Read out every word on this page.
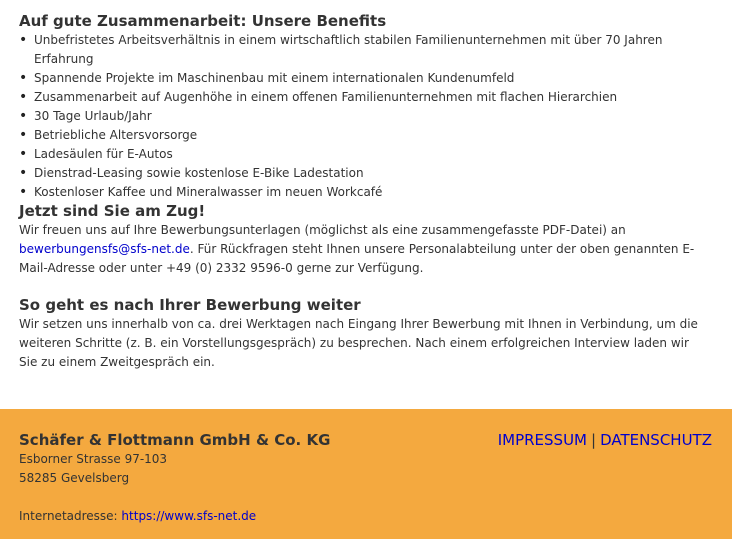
Auf gute Zusammenarbeit: Unsere Benefits
• Unbefristetes Arbeitsverhältnis in einem wirtschaftlich stabilen Familienunternehmen mit über 70 Jahren Erfahrung
• Spannende Projekte im Maschinenbau mit einem internationalen Kundenumfeld
• Zusammenarbeit auf Augenhöhe in einem offenen Familienunternehmen mit flachen Hierarchien
• 30 Tage Urlaub/Jahr
• Betriebliche Altersvorsorge
• Ladesäulen für E-Autos
• Dienstrad-Leasing sowie kostenlose E-Bike Ladestation
• Kostenloser Kaffee und Mineralwasser im neuen Workcafé
Jetzt sind Sie am Zug!

Wir freuen uns auf Ihre Bewerbungsunterlagen (möglichst als eine zusammengefasste PDF-Datei) an bewerbungensfs@sfs-net.de. Für Rückfragen steht Ihnen unsere Personalabteilung unter der oben genannten E-Mail-Adresse oder unter +49 (0) 2332 9596-0 gerne zur Verfügung.

So geht es nach Ihrer Bewerbung weiter

Wir setzen uns innerhalb von ca. drei Werktagen nach Eingang Ihrer Bewerbung mit Ihnen in Verbindung, um die weiteren Schritte (z. B. ein Vorstellungsgespräch) zu besprechen. Nach einem erfolgreichen Interview laden wir Sie zu einem Zweitgespräch ein.

Schäfer & Flottmann GmbH & Co. KG
Esborner Strasse 97-103
58285 Gevelsberg
Internetadresse: https://www.sfs-net.de
IMPRESSUM | DATENSCHUTZ
